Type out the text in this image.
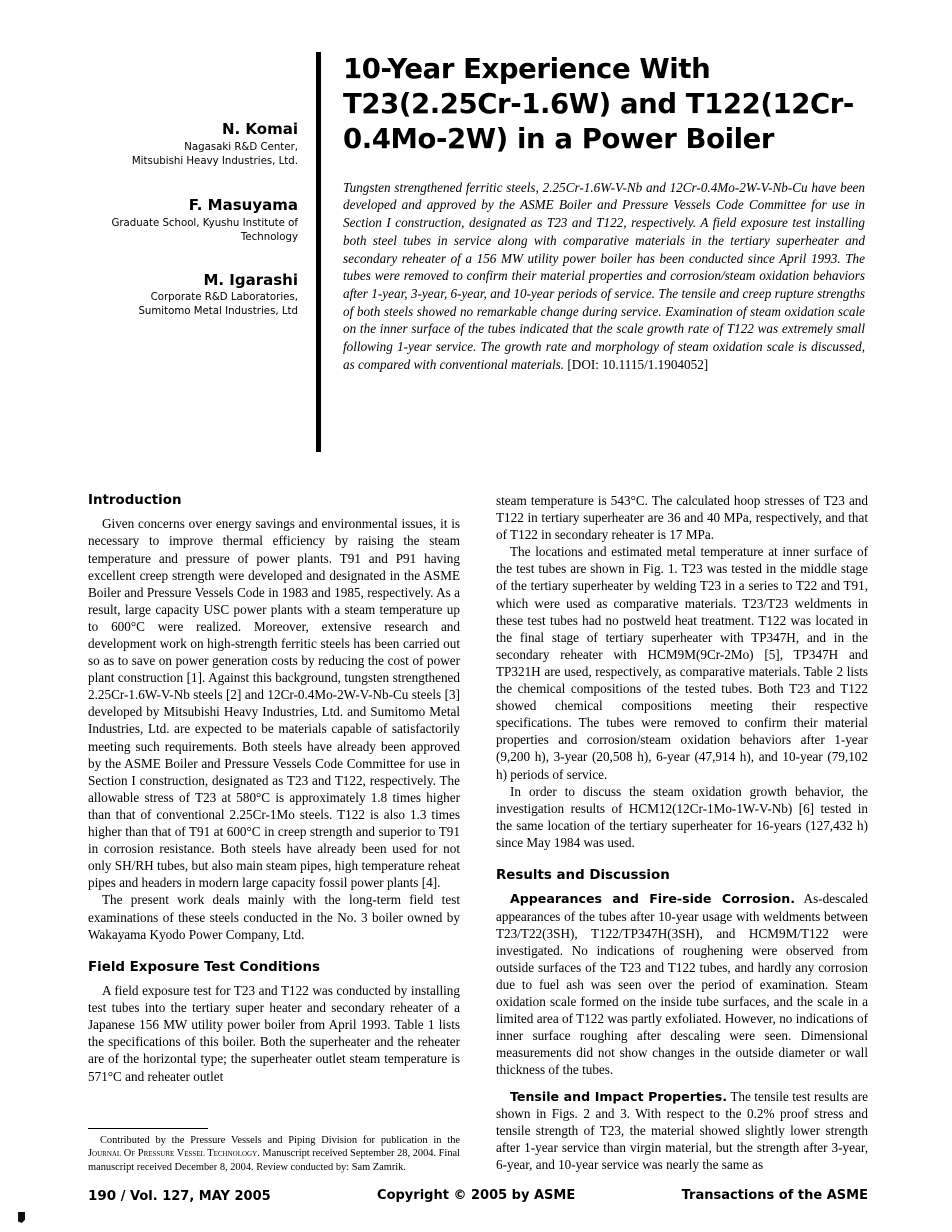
N. Komai
Nagasaki R&D Center,
Mitsubishi Heavy Industries, Ltd.
F. Masuyama
Graduate School, Kyushu Institute of Technology
M. Igarashi
Corporate R&D Laboratories,
Sumitomo Metal Industries, Ltd
10-Year Experience With T23(2.25Cr-1.6W) and T122(12Cr-0.4Mo-2W) in a Power Boiler

Tungsten strengthened ferritic steels, 2.25Cr-1.6W-V-Nb and 12Cr-0.4Mo-2W-V-Nb-Cu have been developed and approved by the ASME Boiler and Pressure Vessels Code Committee for use in Section I construction, designated as T23 and T122, respectively. A field exposure test installing both steel tubes in service along with comparative materials in the tertiary superheater and secondary reheater of a 156 MW utility power boiler has been conducted since April 1993. The tubes were removed to confirm their material properties and corrosion/steam oxidation behaviors after 1-year, 3-year, 6-year, and 10-year periods of service. The tensile and creep rupture strengths of both steels showed no remarkable change during service. Examination of steam oxidation scale on the inner surface of the tubes indicated that the scale growth rate of T122 was extremely small following 1-year service. The growth rate and morphology of steam oxidation scale is discussed, as compared with conventional materials. [DOI: 10.1115/1.1904052]

Introduction

Given concerns over energy savings and environmental issues, it is necessary to improve thermal efficiency by raising the steam temperature and pressure of power plants. T91 and P91 having excellent creep strength were developed and designated in the ASME Boiler and Pressure Vessels Code in 1983 and 1985, respectively. As a result, large capacity USC power plants with a steam temperature up to 600°C were realized. Moreover, extensive research and development work on high-strength ferritic steels has been carried out so as to save on power generation costs by reducing the cost of power plant construction [1]. Against this background, tungsten strengthened 2.25Cr-1.6W-V-Nb steels [2] and 12Cr-0.4Mo-2W-V-Nb-Cu steels [3] developed by Mitsubishi Heavy Industries, Ltd. and Sumitomo Metal Industries, Ltd. are expected to be materials capable of satisfactorily meeting such requirements. Both steels have already been approved by the ASME Boiler and Pressure Vessels Code Committee for use in Section I construction, designated as T23 and T122, respectively. The allowable stress of T23 at 580°C is approximately 1.8 times higher than that of conventional 2.25Cr-1Mo steels. T122 is also 1.3 times higher than that of T91 at 600°C in creep strength and superior to T91 in corrosion resistance. Both steels have already been used for not only SH/RH tubes, but also main steam pipes, high temperature reheat pipes and headers in modern large capacity fossil power plants [4].

The present work deals mainly with the long-term field test examinations of these steels conducted in the No. 3 boiler owned by Wakayama Kyodo Power Company, Ltd.

Field Exposure Test Conditions

A field exposure test for T23 and T122 was conducted by installing test tubes into the tertiary super heater and secondary reheater of a Japanese 156 MW utility power boiler from April 1993. Table 1 lists the specifications of this boiler. Both the superheater and the reheater are of the horizontal type; the superheater outlet steam temperature is 571°C and reheater outlet

steam temperature is 543°C. The calculated hoop stresses of T23 and T122 in tertiary superheater are 36 and 40 MPa, respectively, and that of T122 in secondary reheater is 17 MPa.

The locations and estimated metal temperature at inner surface of the test tubes are shown in Fig. 1. T23 was tested in the middle stage of the tertiary superheater by welding T23 in a series to T22 and T91, which were used as comparative materials. T23/T23 weldments in these test tubes had no postweld heat treatment. T122 was located in the final stage of tertiary superheater with TP347H, and in the secondary reheater with HCM9M(9Cr-2Mo) [5], TP347H and TP321H are used, respectively, as comparative materials. Table 2 lists the chemical compositions of the tested tubes. Both T23 and T122 showed chemical compositions meeting their respective specifications. The tubes were removed to confirm their material properties and corrosion/steam oxidation behaviors after 1-year (9,200 h), 3-year (20,508 h), 6-year (47,914 h), and 10-year (79,102 h) periods of service.

In order to discuss the steam oxidation growth behavior, the investigation results of HCM12(12Cr-1Mo-1W-V-Nb) [6] tested in the same location of the tertiary superheater for 16-years (127,432 h) since May 1984 was used.

Results and Discussion

Appearances and Fire-side Corrosion. As-descaled appearances of the tubes after 10-year usage with weldments between T23/T22(3SH), T122/TP347H(3SH), and HCM9M/T122 were investigated. No indications of roughening were observed from outside surfaces of the T23 and T122 tubes, and hardly any corrosion due to fuel ash was seen over the period of examination. Steam oxidation scale formed on the inside tube surfaces, and the scale in a limited area of T122 was partly exfoliated. However, no indications of inner surface roughing after descaling were seen. Dimensional measurements did not show changes in the outside diameter or wall thickness of the tubes.

Tensile and Impact Properties. The tensile test results are shown in Figs. 2 and 3. With respect to the 0.2% proof stress and tensile strength of T23, the material showed slightly lower strength after 1-year service than virgin material, but the strength after 3-year, 6-year, and 10-year service was nearly the same as

Contributed by the Pressure Vessels and Piping Division for publication in the Journal Of Pressure Vessel Technology. Manuscript received September 28, 2004. Final manuscript received December 8, 2004. Review conducted by: Sam Zamrik.

190 / Vol. 127, MAY 2005	Copyright © 2005 by ASME	Transactions of the ASME
